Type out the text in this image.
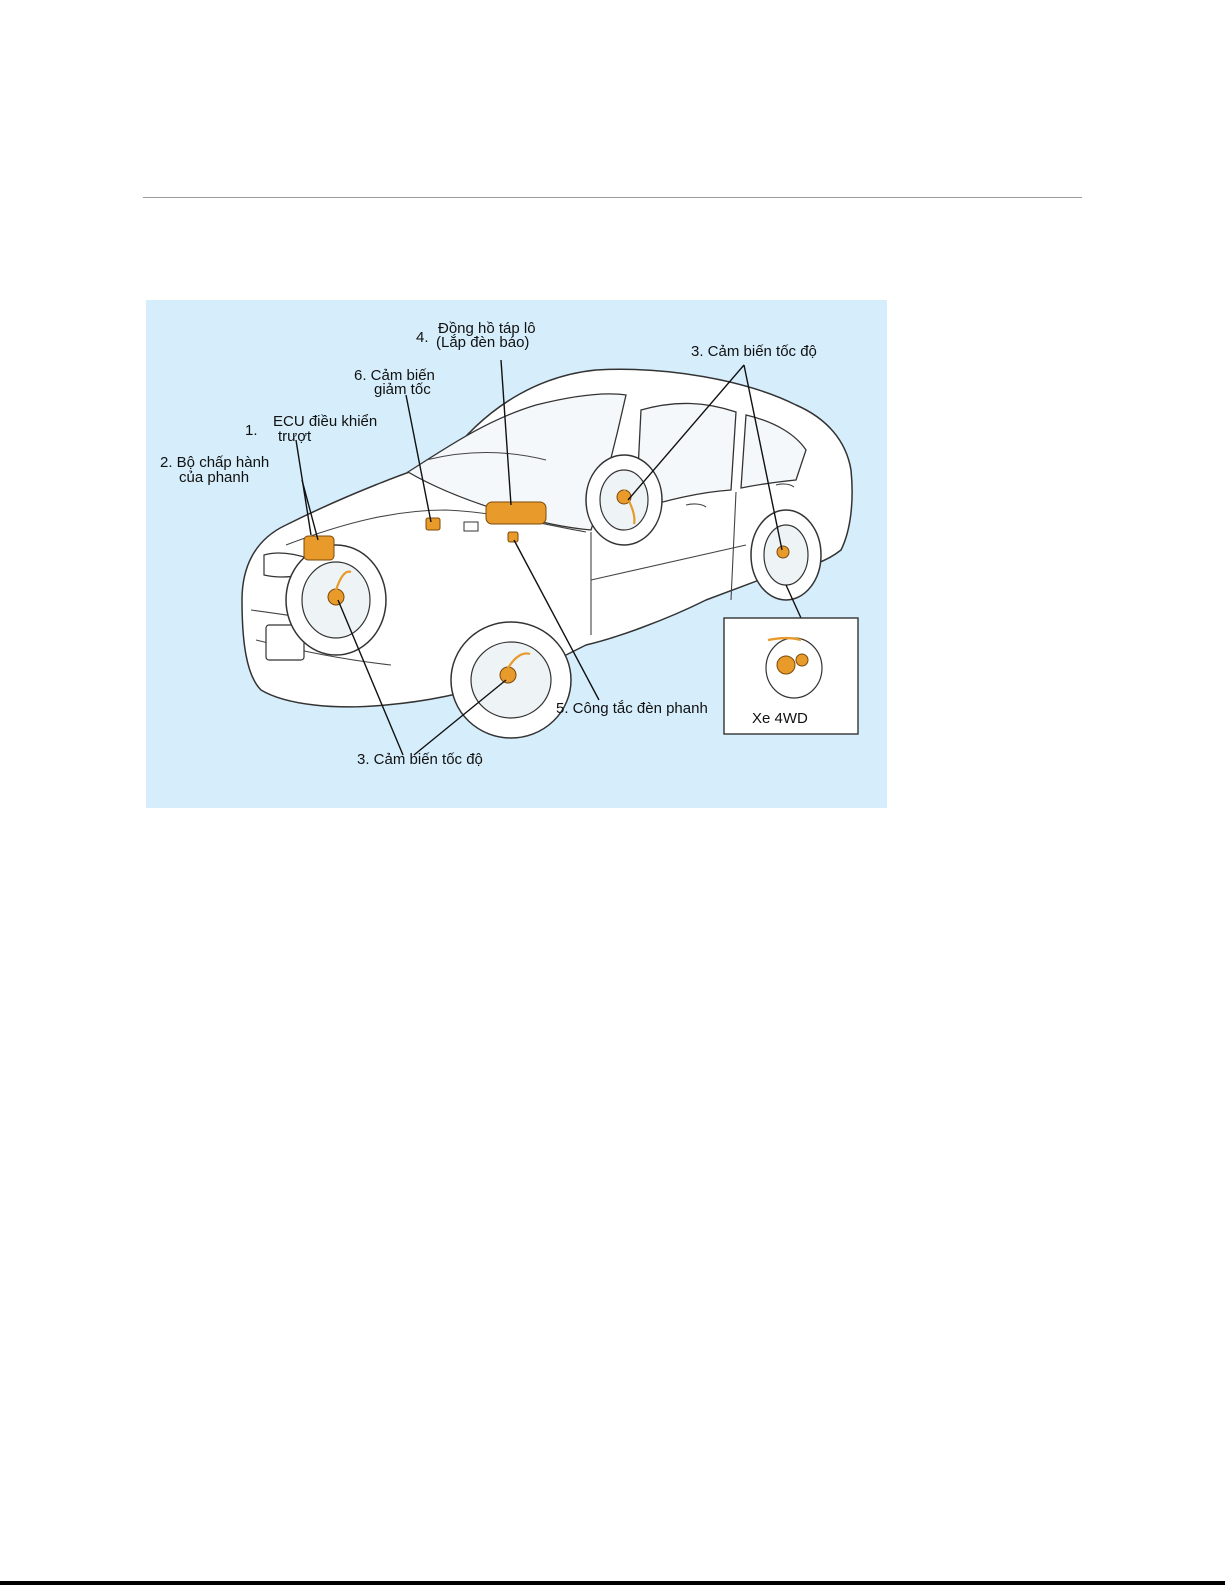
1.
ECU điều khiển
trượt
2. Bộ chấp hành
của phanh
6. Cảm biến
giảm tốc
4.
Đồng hồ táp lô
(Lắp đèn báo)
3. Cảm biến tốc độ
5. Công tắc đèn phanh
3. Cảm biến tốc độ
Xe 4WD
